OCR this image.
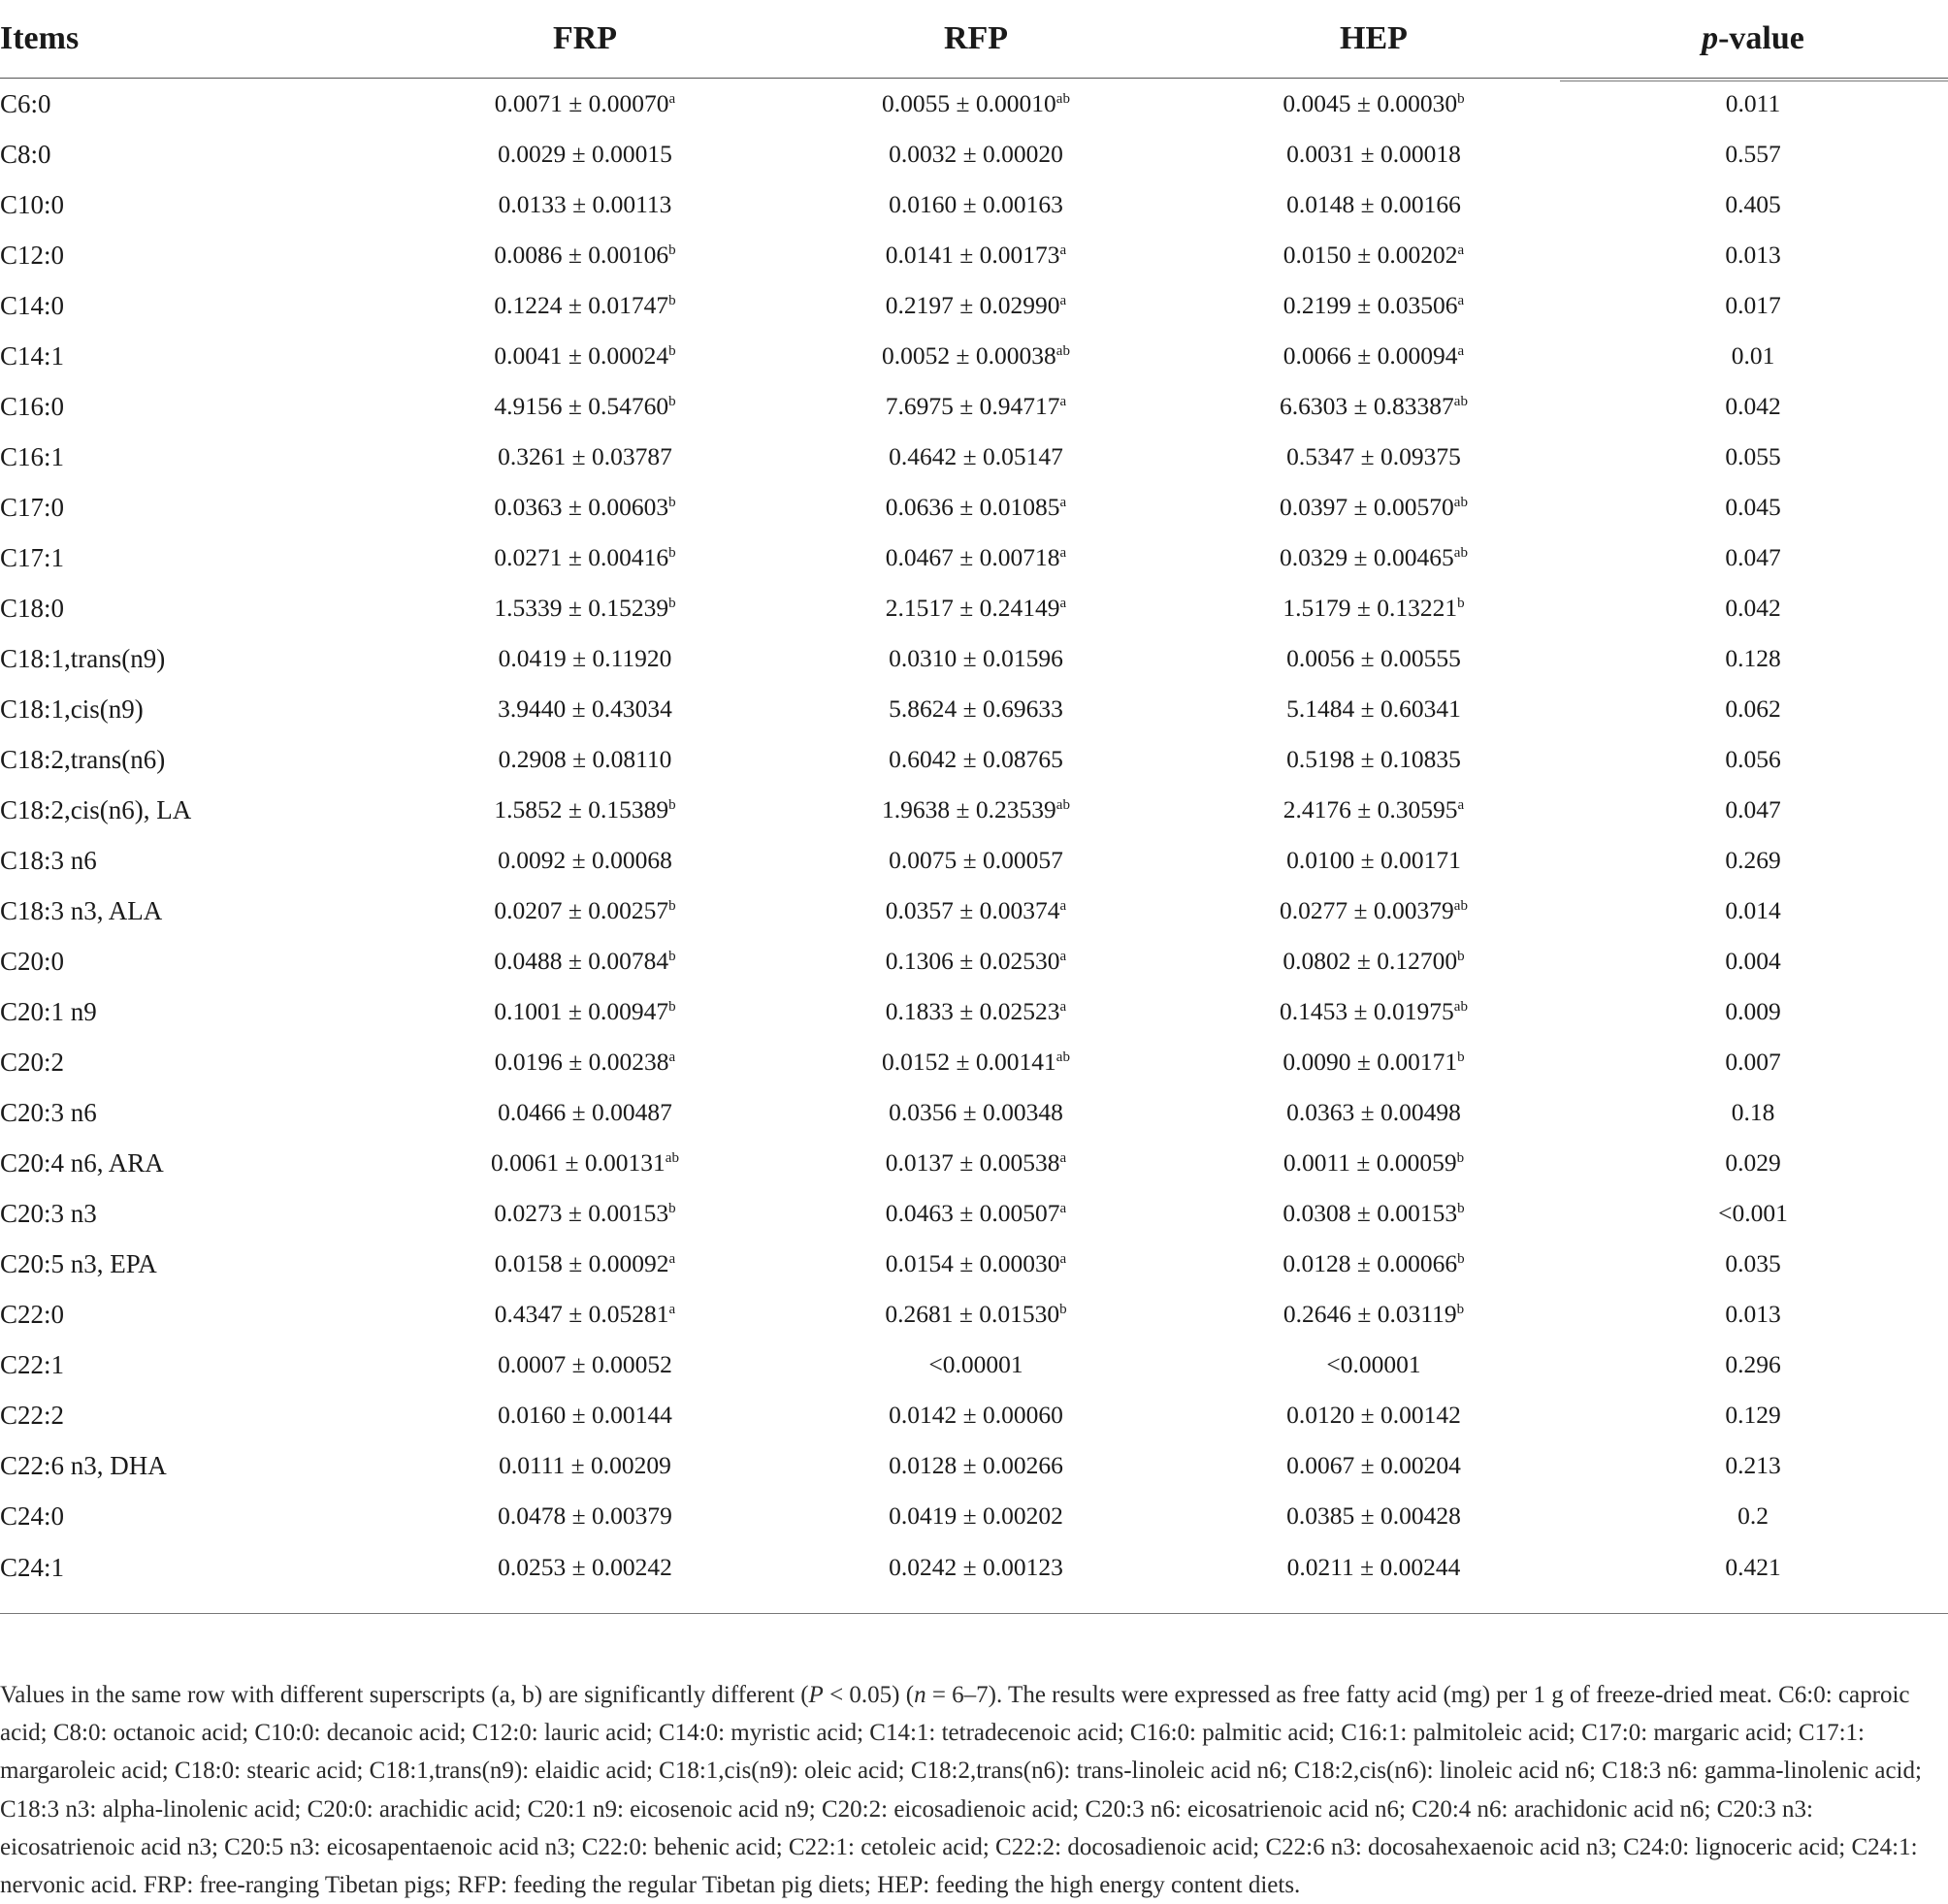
Items	FRP	RFP	HEP	p-value
C6:0	0.0071 ± 0.00070$^a$	0.0055 ± 0.00010$^{ab}$	0.0045 ± 0.00030$^b$	0.011
C8:0	0.0029 ± 0.00015	0.0032 ± 0.00020	0.0031 ± 0.00018	0.557
C10:0	0.0133 ± 0.00113	0.0160 ± 0.00163	0.0148 ± 0.00166	0.405
C12:0	0.0086 ± 0.00106$^b$	0.0141 ± 0.00173$^a$	0.0150 ± 0.00202$^a$	0.013
C14:0	0.1224 ± 0.01747$^b$	0.2197 ± 0.02990$^a$	0.2199 ± 0.03506$^a$	0.017
C14:1	0.0041 ± 0.00024$^b$	0.0052 ± 0.00038$^{ab}$	0.0066 ± 0.00094$^a$	0.01
C16:0	4.9156 ± 0.54760$^b$	7.6975 ± 0.94717$^a$	6.6303 ± 0.83387$^{ab}$	0.042
C16:1	0.3261 ± 0.03787	0.4642 ± 0.05147	0.5347 ± 0.09375	0.055
C17:0	0.0363 ± 0.00603$^b$	0.0636 ± 0.01085$^a$	0.0397 ± 0.00570$^{ab}$	0.045
C17:1	0.0271 ± 0.00416$^b$	0.0467 ± 0.00718$^a$	0.0329 ± 0.00465$^{ab}$	0.047
C18:0	1.5339 ± 0.15239$^b$	2.1517 ± 0.24149$^a$	1.5179 ± 0.13221$^b$	0.042
C18:1,trans(n9)	0.0419 ± 0.11920	0.0310 ± 0.01596	0.0056 ± 0.00555	0.128
C18:1,cis(n9)	3.9440 ± 0.43034	5.8624 ± 0.69633	5.1484 ± 0.60341	0.062
C18:2,trans(n6)	0.2908 ± 0.08110	0.6042 ± 0.08765	0.5198 ± 0.10835	0.056
C18:2,cis(n6), LA	1.5852 ± 0.15389$^b$	1.9638 ± 0.23539$^{ab}$	2.4176 ± 0.30595$^a$	0.047
C18:3 n6	0.0092 ± 0.00068	0.0075 ± 0.00057	0.0100 ± 0.00171	0.269
C18:3 n3, ALA	0.0207 ± 0.00257$^b$	0.0357 ± 0.00374$^a$	0.0277 ± 0.00379$^{ab}$	0.014
C20:0	0.0488 ± 0.00784$^b$	0.1306 ± 0.02530$^a$	0.0802 ± 0.12700$^b$	0.004
C20:1 n9	0.1001 ± 0.00947$^b$	0.1833 ± 0.02523$^a$	0.1453 ± 0.01975$^{ab}$	0.009
C20:2	0.0196 ± 0.00238$^a$	0.0152 ± 0.00141$^{ab}$	0.0090 ± 0.00171$^b$	0.007
C20:3 n6	0.0466 ± 0.00487	0.0356 ± 0.00348	0.0363 ± 0.00498	0.18
C20:4 n6, ARA	0.0061 ± 0.00131$^{ab}$	0.0137 ± 0.00538$^a$	0.0011 ± 0.00059$^b$	0.029
C20:3 n3	0.0273 ± 0.00153$^b$	0.0463 ± 0.00507$^a$	0.0308 ± 0.00153$^b$	<0.001
C20:5 n3, EPA	0.0158 ± 0.00092$^a$	0.0154 ± 0.00030$^a$	0.0128 ± 0.00066$^b$	0.035
C22:0	0.4347 ± 0.05281$^a$	0.2681 ± 0.01530$^b$	0.2646 ± 0.03119$^b$	0.013
C22:1	0.0007 ± 0.00052	<0.00001	<0.00001	0.296
C22:2	0.0160 ± 0.00144	0.0142 ± 0.00060	0.0120 ± 0.00142	0.129
C22:6 n3, DHA	0.0111 ± 0.00209	0.0128 ± 0.00266	0.0067 ± 0.00204	0.213
C24:0	0.0478 ± 0.00379	0.0419 ± 0.00202	0.0385 ± 0.00428	0.2
C24:1	0.0253 ± 0.00242	0.0242 ± 0.00123	0.0211 ± 0.00244	0.421
Values in the same row with different superscripts (a, b) are significantly different (P < 0.05) (n = 6–7). The results were expressed as free fatty acid (mg) per 1 g of freeze-dried meat. C6:0: caproic acid; C8:0: octanoic acid; C10:0: decanoic acid; C12:0: lauric acid; C14:0: myristic acid; C14:1: tetradecenoic acid; C16:0: palmitic acid; C16:1: palmitoleic acid; C17:0: margaric acid; C17:1: margaroleic acid; C18:0: stearic acid; C18:1,trans(n9): elaidic acid; C18:1,cis(n9): oleic acid; C18:2,trans(n6): trans-linoleic acid n6; C18:2,cis(n6): linoleic acid n6; C18:3 n6: gamma-linolenic acid; C18:3 n3: alpha-linolenic acid; C20:0: arachidic acid; C20:1 n9: eicosenoic acid n9; C20:2: eicosadienoic acid; C20:3 n6: eicosatrienoic acid n6; C20:4 n6: arachidonic acid n6; C20:3 n3: eicosatrienoic acid n3; C20:5 n3: eicosapentaenoic acid n3; C22:0: behenic acid; C22:1: cetoleic acid; C22:2: docosadienoic acid; C22:6 n3: docosahexaenoic acid n3; C24:0: lignoceric acid; C24:1: nervonic acid. FRP: free-ranging Tibetan pigs; RFP: feeding the regular Tibetan pig diets; HEP: feeding the high energy content diets.
